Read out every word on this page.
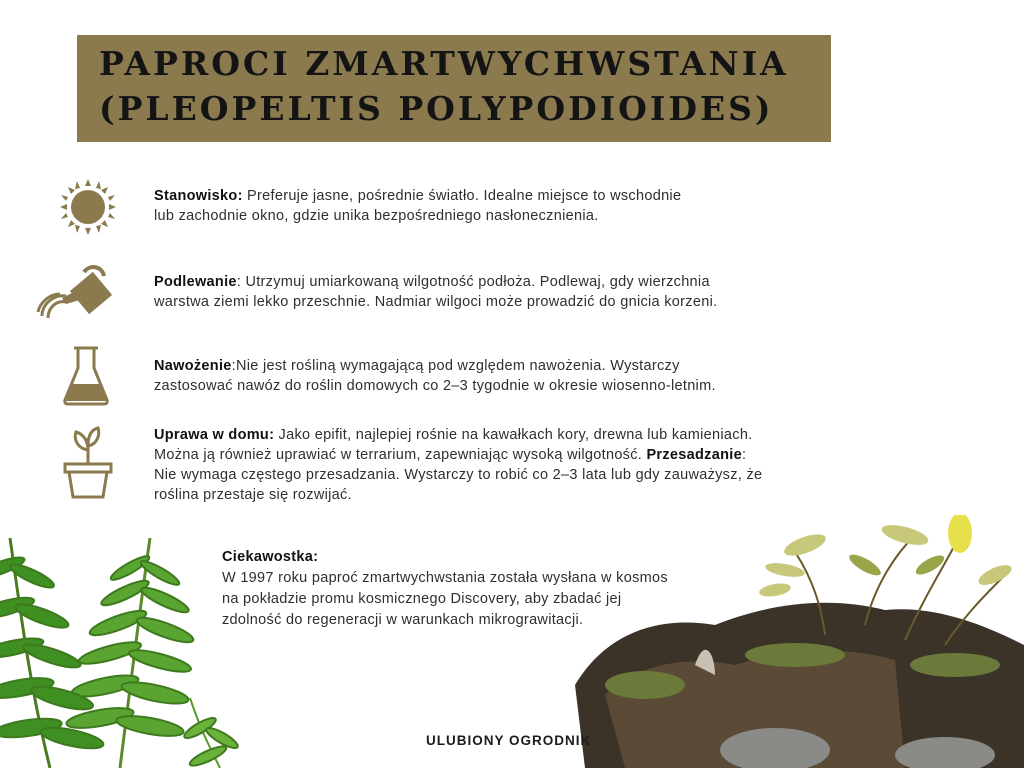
PAPROCI ZMARTWYCHWSTANIA
(PLEOPELTIS POLYPODIOIDES)
Stanowisko: Preferuje jasne, pośrednie światło. Idealne miejsce to wschodnie
lub zachodnie okno, gdzie unika bezpośredniego nasłonecznienia.
Podlewanie: Utrzymuj umiarkowaną wilgotność podłoża. Podlewaj, gdy wierzchnia
warstwa ziemi lekko przeschnie. Nadmiar wilgoci może prowadzić do gnicia korzeni.
Nawożenie:Nie jest rośliną wymagającą pod względem nawożenia. Wystarczy
zastosować nawóz do roślin domowych co 2–3 tygodnie w okresie wiosenno-letnim.
Uprawa w domu: Jako epifit, najlepiej rośnie na kawałkach kory, drewna lub kamieniach.
Można ją również uprawiać w terrarium, zapewniając wysoką wilgotność. Przesadzanie:
Nie wymaga częstego przesadzania. Wystarczy to robić co 2–3 lata lub gdy zauważysz, że
roślina przestaje się rozwijać.
Ciekawostka:
W 1997 roku paproć zmartwychwstania została wysłana w kosmos
na pokładzie promu kosmicznego Discovery, aby zbadać jej
zdolność do regeneracji w warunkach mikrograwitacji.
ULUBIONY OGRODNIK
